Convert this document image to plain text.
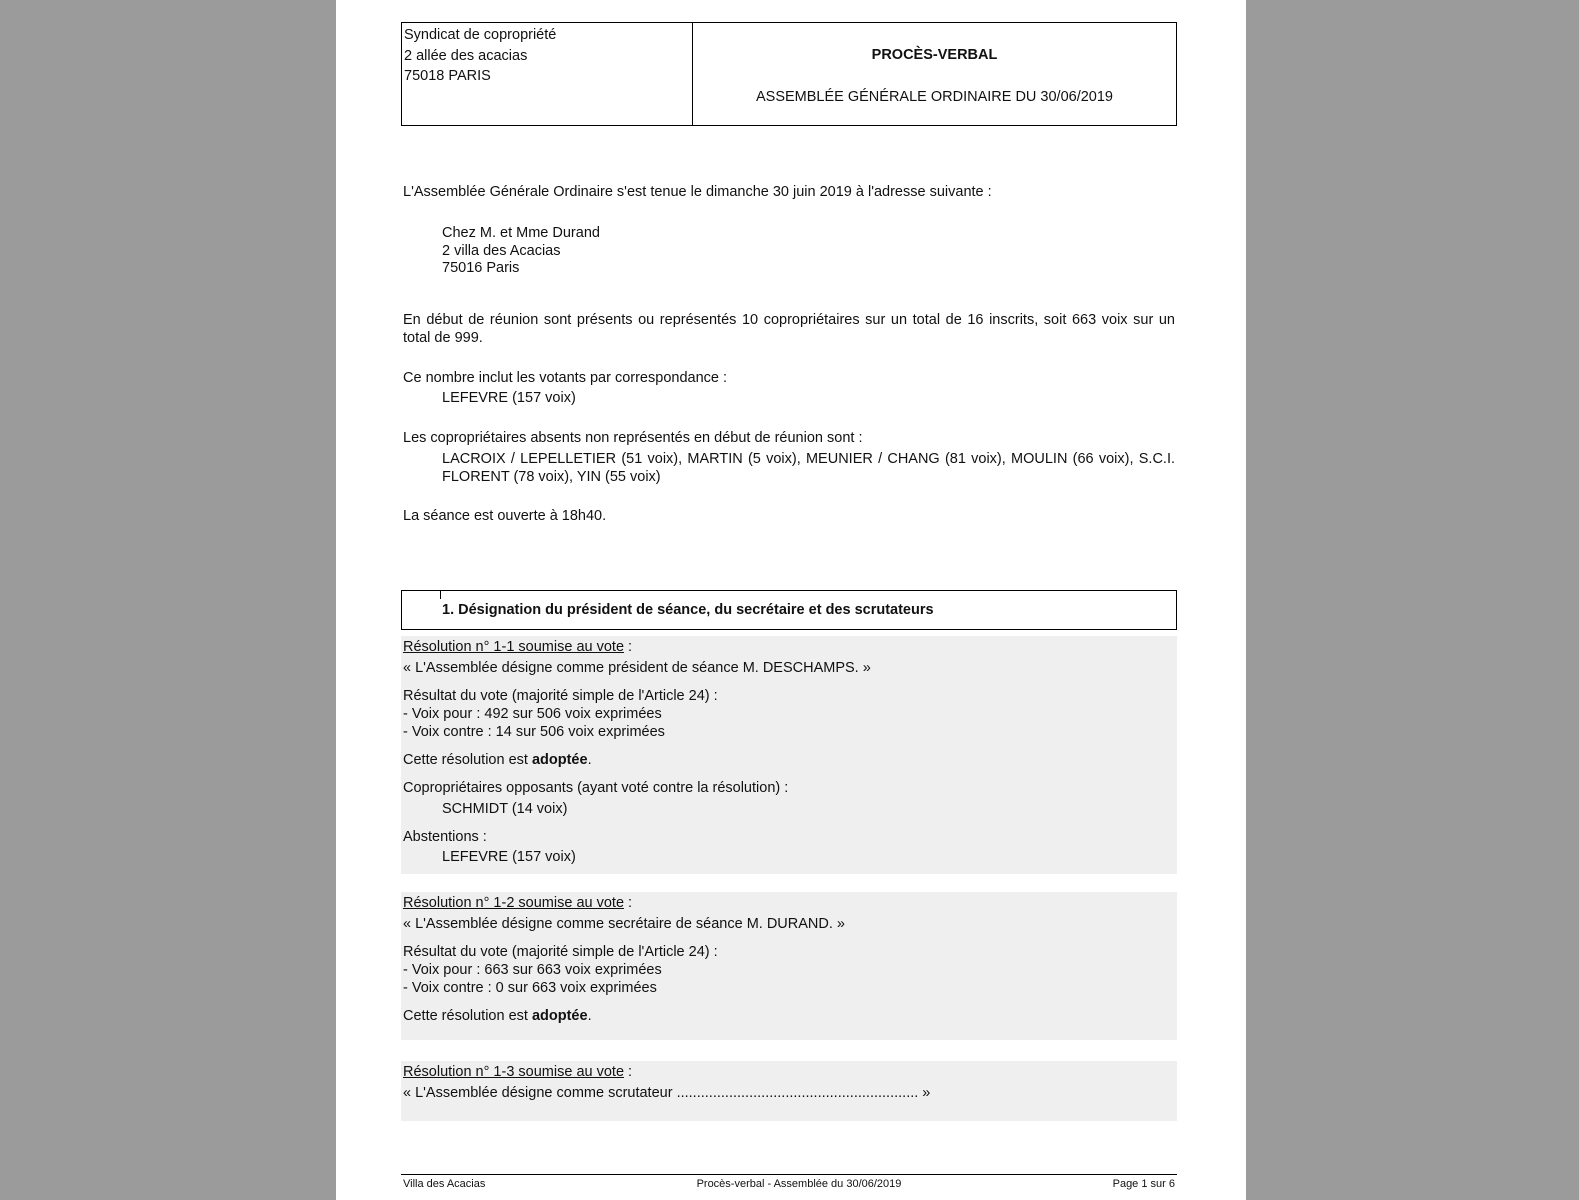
Syndicat de copropriété
2 allée des acacias
75018 PARIS
PROCÈS-VERBAL
ASSEMBLÉE GÉNÉRALE ORDINAIRE DU 30/06/2019
L'Assemblée Générale Ordinaire s'est tenue le dimanche 30 juin 2019 à l'adresse suivante :
Chez M. et Mme Durand
2 villa des Acacias
75016 Paris
En début de réunion sont présents ou représentés 10 copropriétaires sur un total de 16 inscrits, soit 663 voix sur un total de 999.
Ce nombre inclut les votants par correspondance :
LEFEVRE (157 voix)
Les copropriétaires absents non représentés en début de réunion sont :
LACROIX / LEPELLETIER (51 voix), MARTIN (5 voix), MEUNIER / CHANG (81 voix), MOULIN (66 voix), S.C.I. FLORENT (78 voix), YIN (55 voix)
La séance est ouverte à 18h40.
1. Désignation du président de séance, du secrétaire et des scrutateurs
Résolution n° 1-1 soumise au vote :
« L'Assemblée désigne comme président de séance M. DESCHAMPS. »
Résultat du vote (majorité simple de l'Article 24) :
- Voix pour : 492 sur 506 voix exprimées
- Voix contre : 14 sur 506 voix exprimées
Cette résolution est adoptée.
Copropriétaires opposants (ayant voté contre la résolution) :
SCHMIDT (14 voix)
Abstentions :
LEFEVRE (157 voix)
Résolution n° 1-2 soumise au vote :
« L'Assemblée désigne comme secrétaire de séance M. DURAND. »
Résultat du vote (majorité simple de l'Article 24) :
- Voix pour : 663 sur 663 voix exprimées
- Voix contre : 0 sur 663 voix exprimées
Cette résolution est adoptée.
Résolution n° 1-3 soumise au vote :
« L'Assemblée désigne comme scrutateur ............................................................ »
Villa des Acacias	Procès-verbal - Assemblée du 30/06/2019	Page 1 sur 6
